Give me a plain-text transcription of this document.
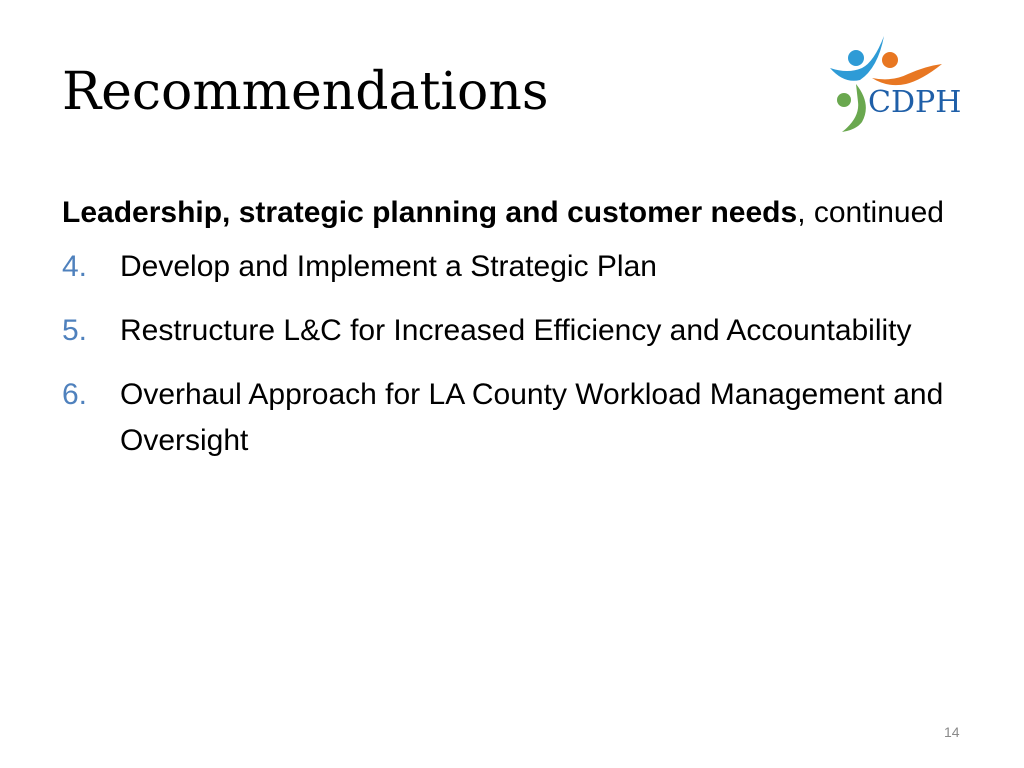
Recommendations	CDPH

Leadership, strategic planning and customer needs, continued

4.	Develop and Implement a Strategic Plan
5.	Restructure L&C for Increased Efficiency and Accountability
6.	Overhaul Approach for LA County Workload Management and Oversight
14
